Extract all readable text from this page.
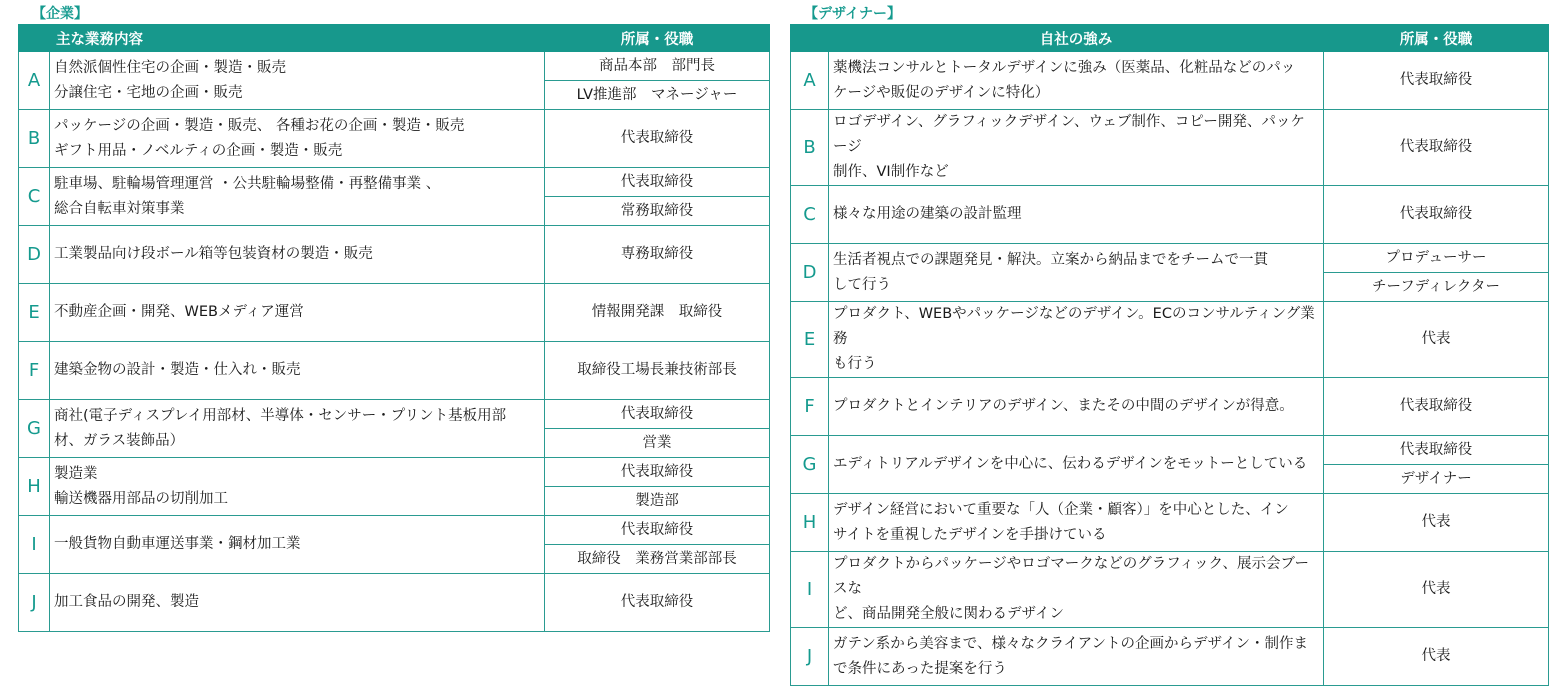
【企業】
	主な業務内容	所属・役職
A	自然派個性住宅の企画・製造・販売
分譲住宅・宅地の企画・販売	商品本部　部門長
		LV推進部　マネージャー
B	パッケージの企画・製造・販売、 各種お花の企画・製造・販売
ギフト用品・ノベルティの企画・製造・販売	代表取締役
C	駐車場、駐輪場管理運営 ・公共駐輪場整備・再整備事業 、
総合自転車対策事業	代表取締役
		常務取締役
D	工業製品向け段ボール箱等包装資材の製造・販売	専務取締役
E	不動産企画・開発、WEBメディア運営	情報開発課　取締役
F	建築金物の設計・製造・仕入れ・販売	取締役工場長兼技術部長
G	商社(電子ディスプレイ用部材、半導体・センサー・プリント基板用部
材、ガラス装飾品）	代表取締役
		営業
H	製造業
輸送機器用部品の切削加工	代表取締役
		製造部
I	一般貨物自動車運送事業・鋼材加工業	代表取締役
		取締役　業務営業部部長
J	加工食品の開発、製造	代表取締役
【デザイナー】
	自社の強み	所属・役職
A	薬機法コンサルとトータルデザインに強み（医薬品、化粧品などのパッ
ケージや販促のデザインに特化）	代表取締役
B	ロゴデザイン、グラフィックデザイン、ウェブ制作、コピー開発、パッケージ
制作、VI制作など	代表取締役
C	様々な用途の建築の設計監理	代表取締役
D	生活者視点での課題発見・解決。立案から納品までをチームで一貫
して行う	プロデューサー
		チーフディレクター
E	プロダクト、WEBやパッケージなどのデザイン。ECのコンサルティング業務
も行う	代表
F	プロダクトとインテリアのデザイン、またその中間のデザインが得意。	代表取締役
G	エディトリアルデザインを中心に、伝わるデザインをモットーとしている	代表取締役
		デザイナー
H	デザイン経営において重要な「人（企業・顧客）」を中心とした、イン
サイトを重視したデザインを手掛けている	代表
I	プロダクトからパッケージやロゴマークなどのグラフィック、展示会ブースな
ど、商品開発全般に関わるデザイン	代表
J	ガテン系から美容まで、様々なクライアントの企画からデザイン・制作ま
で条件にあった提案を行う	代表
